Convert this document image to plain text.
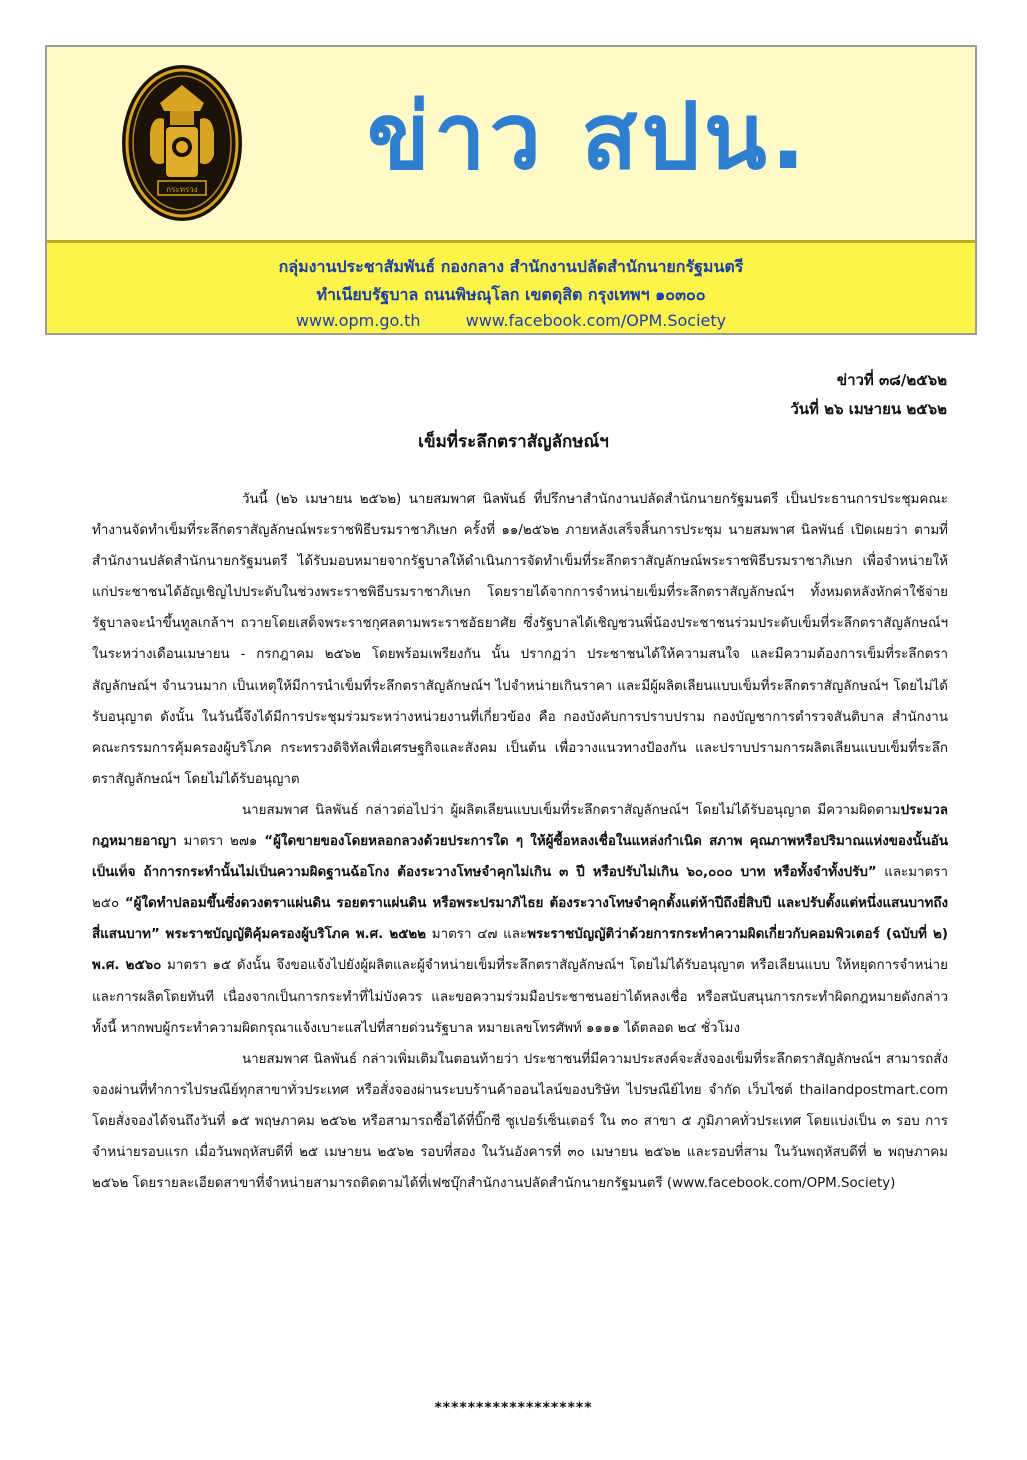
กระทรวง ข่าว สปน.
กลุ่มงานประชาสัมพันธ์ กองกลาง สำนักงานปลัดสำนักนายกรัฐมนตรี
ทำเนียบรัฐบาล ถนนพิษณุโลก เขตดุสิต กรุงเทพฯ ๑๐๓๐๐
www.opm.go.th	www.facebook.com/OPM.Society
ข่าวที่ ๓๘/๒๕๖๒
วันที่ ๒๖ เมษายน ๒๕๖๒
เข็มที่ระลึกตราสัญลักษณ์ฯ

วันนี้ (๒๖ เมษายน ๒๕๖๒) นายสมพาศ นิลพันธ์ ที่ปรึกษาสำนักงานปลัดสำนักนายกรัฐมนตรี เป็นประธานการประชุมคณะทำงานจัดทำเข็มที่ระลึกตราสัญลักษณ์พระราชพิธีบรมราชาภิเษก ครั้งที่ ๑๑/๒๕๖๒ ภายหลังเสร็จสิ้นการประชุม นายสมพาศ นิลพันธ์ เปิดเผยว่า ตามที่สำนักงานปลัดสำนักนายกรัฐมนตรี ได้รับมอบหมายจากรัฐบาลให้ดำเนินการจัดทำเข็มที่ระลึกตราสัญลักษณ์พระราชพิธีบรมราชาภิเษก เพื่อจำหน่ายให้แก่ประชาชนได้อัญเชิญไปประดับในช่วงพระราชพิธีบรมราชาภิเษก โดยรายได้จากการจำหน่ายเข็มที่ระลึกตราสัญลักษณ์ฯ ทั้งหมดหลังหักค่าใช้จ่าย รัฐบาลจะนำขึ้นทูลเกล้าฯ ถวายโดยเสด็จพระราชกุศลตามพระราชอัธยาศัย ซึ่งรัฐบาลได้เชิญชวนพี่น้องประชาชนร่วมประดับเข็มที่ระลึกตราสัญลักษณ์ฯ ในระหว่างเดือนเมษายน - กรกฎาคม ๒๕๖๒ โดยพร้อมเพรียงกัน นั้น ปรากฏว่า ประชาชนได้ให้ความสนใจ และมีความต้องการเข็มที่ระลึกตราสัญลักษณ์ฯ จำนวนมาก เป็นเหตุให้มีการนำเข็มที่ระลึกตราสัญลักษณ์ฯ ไปจำหน่ายเกินราคา และมีผู้ผลิตเลียนแบบเข็มที่ระลึกตราสัญลักษณ์ฯ โดยไม่ได้รับอนุญาต ดังนั้น ในวันนี้จึงได้มีการประชุมร่วมระหว่างหน่วยงานที่เกี่ยวข้อง คือ กองบังคับการปราบปราม กองบัญชาการตำรวจสันติบาล สำนักงานคณะกรรมการคุ้มครองผู้บริโภค กระทรวงดิจิทัลเพื่อเศรษฐกิจและสังคม เป็นต้น เพื่อวางแนวทางป้องกัน และปราบปรามการผลิตเลียนแบบเข็มที่ระลึกตราสัญลักษณ์ฯ โดยไม่ได้รับอนุญาต

นายสมพาศ นิลพันธ์ กล่าวต่อไปว่า ผู้ผลิตเลียนแบบเข็มที่ระลึกตราสัญลักษณ์ฯ โดยไม่ได้รับอนุญาต มีความผิดตามประมวลกฎหมายอาญา มาตรา ๒๗๑ “ผู้ใดขายของโดยหลอกลวงด้วยประการใด ๆ ให้ผู้ซื้อหลงเชื่อในแหล่งกำเนิด สภาพ คุณภาพหรือปริมาณแห่งของนั้นอันเป็นเท็จ ถ้าการกระทำนั้นไม่เป็นความผิดฐานฉ้อโกง ต้องระวางโทษจำคุกไม่เกิน ๓ ปี หรือปรับไม่เกิน ๖๐,๐๐๐ บาท หรือทั้งจำทั้งปรับ” และมาตรา ๒๕๐ “ผู้ใดทำปลอมขึ้นซึ่งดวงตราแผ่นดิน รอยตราแผ่นดิน หรือพระปรมาภิไธย ต้องระวางโทษจำคุกตั้งแต่ห้าปีถึงยี่สิบปี และปรับตั้งแต่หนึ่งแสนบาทถึงสี่แสนบาท” พระราชบัญญัติคุ้มครองผู้บริโภค พ.ศ. ๒๕๒๒ มาตรา ๔๗ และพระราชบัญญัติว่าด้วยการกระทำความผิดเกี่ยวกับคอมพิวเตอร์ (ฉบับที่ ๒) พ.ศ. ๒๕๖๐ มาตรา ๑๕ ดังนั้น จึงขอแจ้งไปยังผู้ผลิตและผู้จำหน่ายเข็มที่ระลึกตราสัญลักษณ์ฯ โดยไม่ได้รับอนุญาต หรือเลียนแบบ ให้หยุดการจำหน่าย และการผลิตโดยทันที เนื่องจากเป็นการกระทำที่ไม่บังควร และขอความร่วมมือประชาชนอย่าได้หลงเชื่อ หรือสนับสนุนการกระทำผิดกฎหมายดังกล่าว ทั้งนี้ หากพบผู้กระทำความผิดกรุณาแจ้งเบาะแสไปที่สายด่วนรัฐบาล หมายเลขโทรศัพท์ ๑๑๑๑ ได้ตลอด ๒๔ ชั่วโมง

นายสมพาศ นิลพันธ์ กล่าวเพิ่มเติมในตอนท้ายว่า ประชาชนที่มีความประสงค์จะสั่งจองเข็มที่ระลึกตราสัญลักษณ์ฯ สามารถสั่งจองผ่านที่ทำการไปรษณีย์ทุกสาขาทั่วประเทศ หรือสั่งจองผ่านระบบร้านค้าออนไลน์ของบริษัท ไปรษณีย์ไทย จำกัด เว็บไซต์ thailandpostmart.com โดยสั่งจองได้จนถึงวันที่ ๑๕ พฤษภาคม ๒๕๖๒ หรือสามารถซื้อได้ที่บิ๊กซี ซูเปอร์เซ็นเตอร์ ใน ๓๐ สาขา ๕ ภูมิภาคทั่วประเทศ โดยแบ่งเป็น ๓ รอบ การจำหน่ายรอบแรก เมื่อวันพฤหัสบดีที่ ๒๕ เมษายน ๒๕๖๒ รอบที่สอง ในวันอังคารที่ ๓๐ เมษายน ๒๕๖๒ และรอบที่สาม ในวันพฤหัสบดีที่ ๒ พฤษภาคม ๒๕๖๒ โดยรายละเอียดสาขาที่จำหน่ายสามารถติดตามได้ที่เฟซบุ๊กสำนักงานปลัดสำนักนายกรัฐมนตรี (www.facebook.com/OPM.Society)

*******************
